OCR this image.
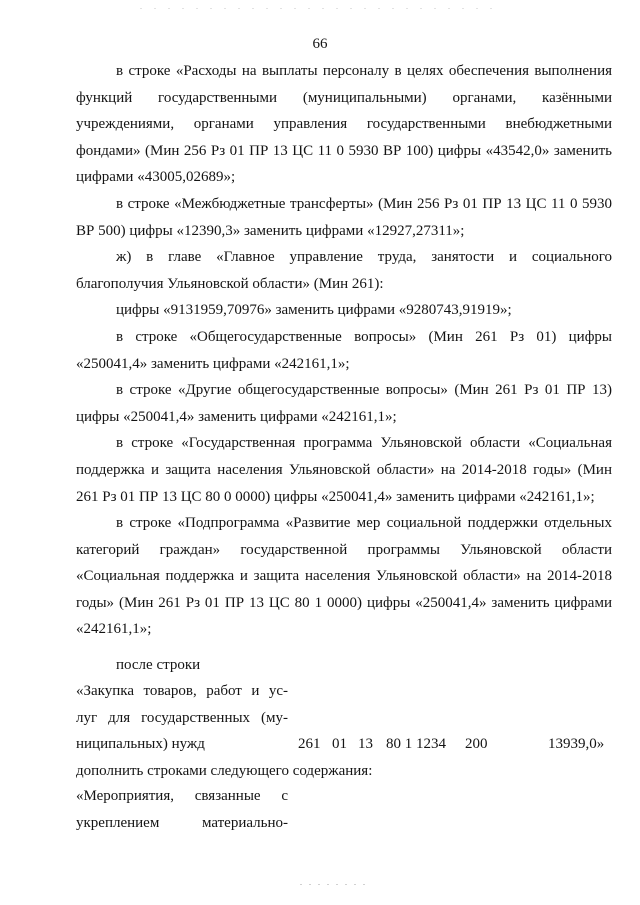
66

в строке «Расходы на выплаты персоналу в целях обеспечения выполнения функций государственными (муниципальными) органами, казёнными учреждениями, органами управления государственными внебюджетными фондами» (Мин 256 Рз 01 ПР 13 ЦС 11 0 5930 ВР 100) цифры «43542,0» заменить цифрами «43005,02689»;

в строке «Межбюджетные трансферты» (Мин 256 Рз 01 ПР 13 ЦС 11 0 5930 ВР 500) цифры «12390,3» заменить цифрами «12927,27311»;

ж) в главе «Главное управление труда, занятости и социального благополучия Ульяновской области» (Мин 261):

цифры «9131959,70976» заменить цифрами «9280743,91919»;

в строке «Общегосударственные вопросы» (Мин 261 Рз 01) цифры «250041,4» заменить цифрами «242161,1»;

в строке «Другие общегосударственные вопросы» (Мин 261 Рз 01 ПР 13) цифры «250041,4» заменить цифрами «242161,1»;

в строке «Государственная программа Ульяновской области «Социальная поддержка и защита населения Ульяновской области» на 2014-2018 годы» (Мин 261 Рз 01 ПР 13 ЦС 80 0 0000) цифры «250041,4» заменить цифрами «242161,1»;

в строке «Подпрограмма «Развитие мер социальной поддержки отдельных категорий граждан» государственной программы Ульяновской области «Социальная поддержка и защита населения Ульяновской области» на 2014-2018 годы» (Мин 261 Рз 01 ПР 13 ЦС 80 1 0000) цифры «250041,4» заменить цифрами «242161,1»;

после строки
«Закупка товаров, работ и ус-
луг для государственных (му-
ниципальных) нужд	261 01 13 80 1 1234 200	13939,0»
дополнить строками следующего содержания:
«Мероприятия, связанные с
укреплением материально-
